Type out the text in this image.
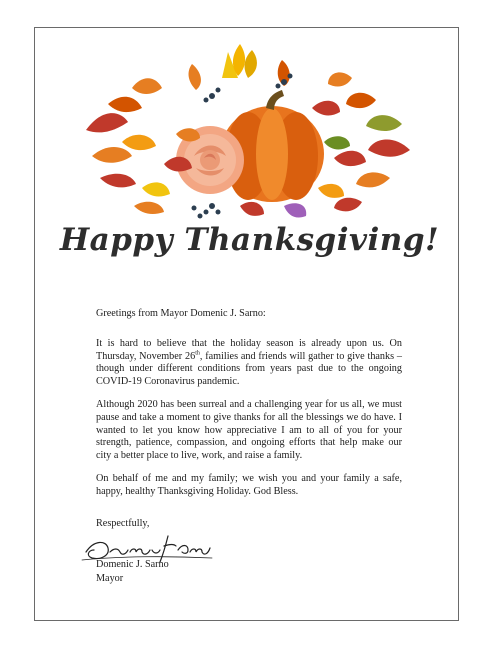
Happy Thanksgiving!

Greetings from Mayor Domenic J. Sarno:

It is hard to believe that the holiday season is already upon us. On Thursday, November 26th, families and friends will gather to give thanks – though under different conditions from years past due to the ongoing COVID-19 Coronavirus pandemic.

Although 2020 has been surreal and a challenging year for us all, we must pause and take a moment to give thanks for all the blessings we do have. I wanted to let you know how appreciative I am to all of you for your strength, patience, compassion, and ongoing efforts that help make our city a better place to live, work, and raise a family.

On behalf of me and my family; we wish you and your family a safe, happy, healthy Thanksgiving Holiday. God Bless.

Respectfully,
Domenic J. Sarno
Mayor
